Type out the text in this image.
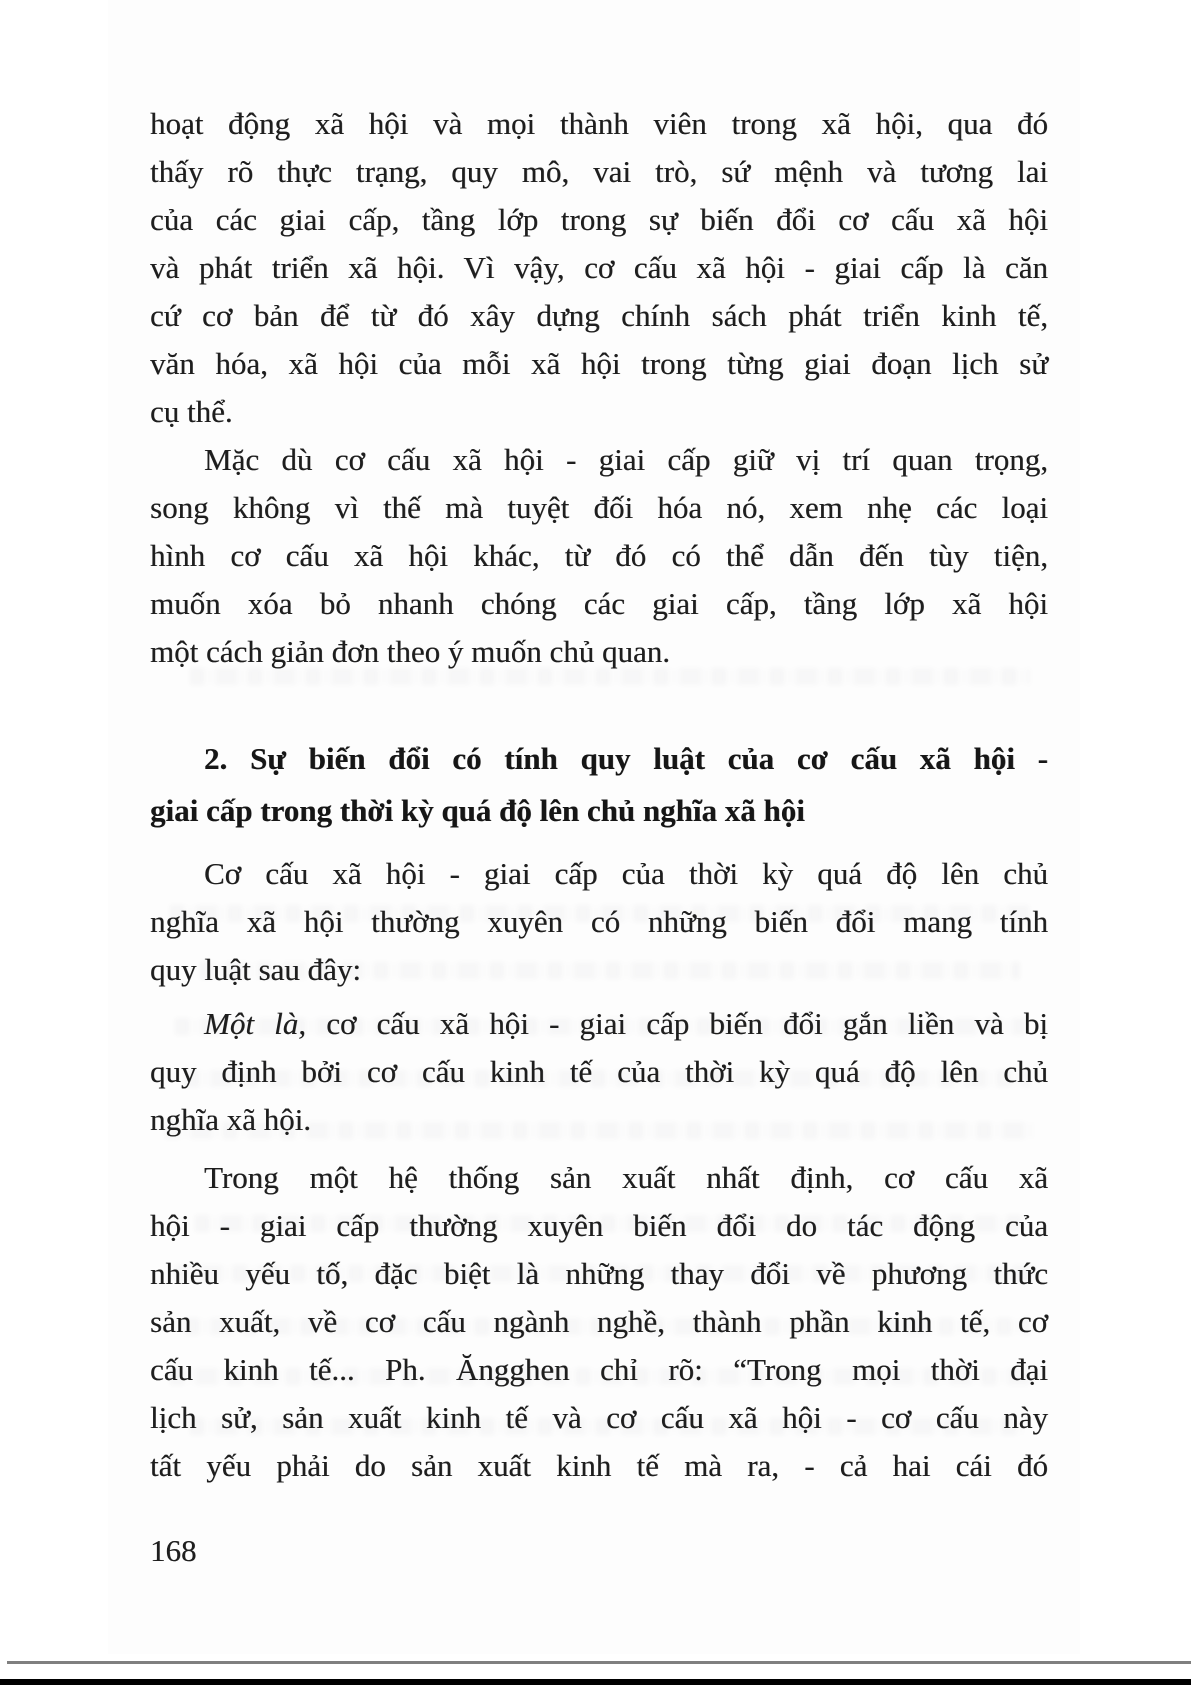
hoạt động xã hội và mọi thành viên trong xã hội, qua đó
thấy rõ thực trạng, quy mô, vai trò, sứ mệnh và tương lai
của các giai cấp, tầng lớp trong sự biến đổi cơ cấu xã hội
và phát triển xã hội. Vì vậy, cơ cấu xã hội - giai cấp là căn
cứ cơ bản để từ đó xây dựng chính sách phát triển kinh tế,
văn hóa, xã hội của mỗi xã hội trong từng giai đoạn lịch sử
cụ thể.
Mặc dù cơ cấu xã hội - giai cấp giữ vị trí quan trọng,
song không vì thế mà tuyệt đối hóa nó, xem nhẹ các loại
hình cơ cấu xã hội khác, từ đó có thể dẫn đến tùy tiện,
muốn xóa bỏ nhanh chóng các giai cấp, tầng lớp xã hội
một cách giản đơn theo ý muốn chủ quan.
2. Sự biến đổi có tính quy luật của cơ cấu xã hội -
giai cấp trong thời kỳ quá độ lên chủ nghĩa xã hội
Cơ cấu xã hội - giai cấp của thời kỳ quá độ lên chủ
nghĩa xã hội thường xuyên có những biến đổi mang tính
quy luật sau đây:
Một là, cơ cấu xã hội - giai cấp biến đổi gắn liền và bị
quy định bởi cơ cấu kinh tế của thời kỳ quá độ lên chủ
nghĩa xã hội.
Trong một hệ thống sản xuất nhất định, cơ cấu xã
hội - giai cấp thường xuyên biến đổi do tác động của
nhiều yếu tố, đặc biệt là những thay đổi về phương thức
sản xuất, về cơ cấu ngành nghề, thành phần kinh tế, cơ
cấu kinh tế... Ph. Ăngghen chỉ rõ: “Trong mọi thời đại
lịch sử, sản xuất kinh tế và cơ cấu xã hội - cơ cấu này
tất yếu phải do sản xuất kinh tế mà ra, - cả hai cái đó
168
